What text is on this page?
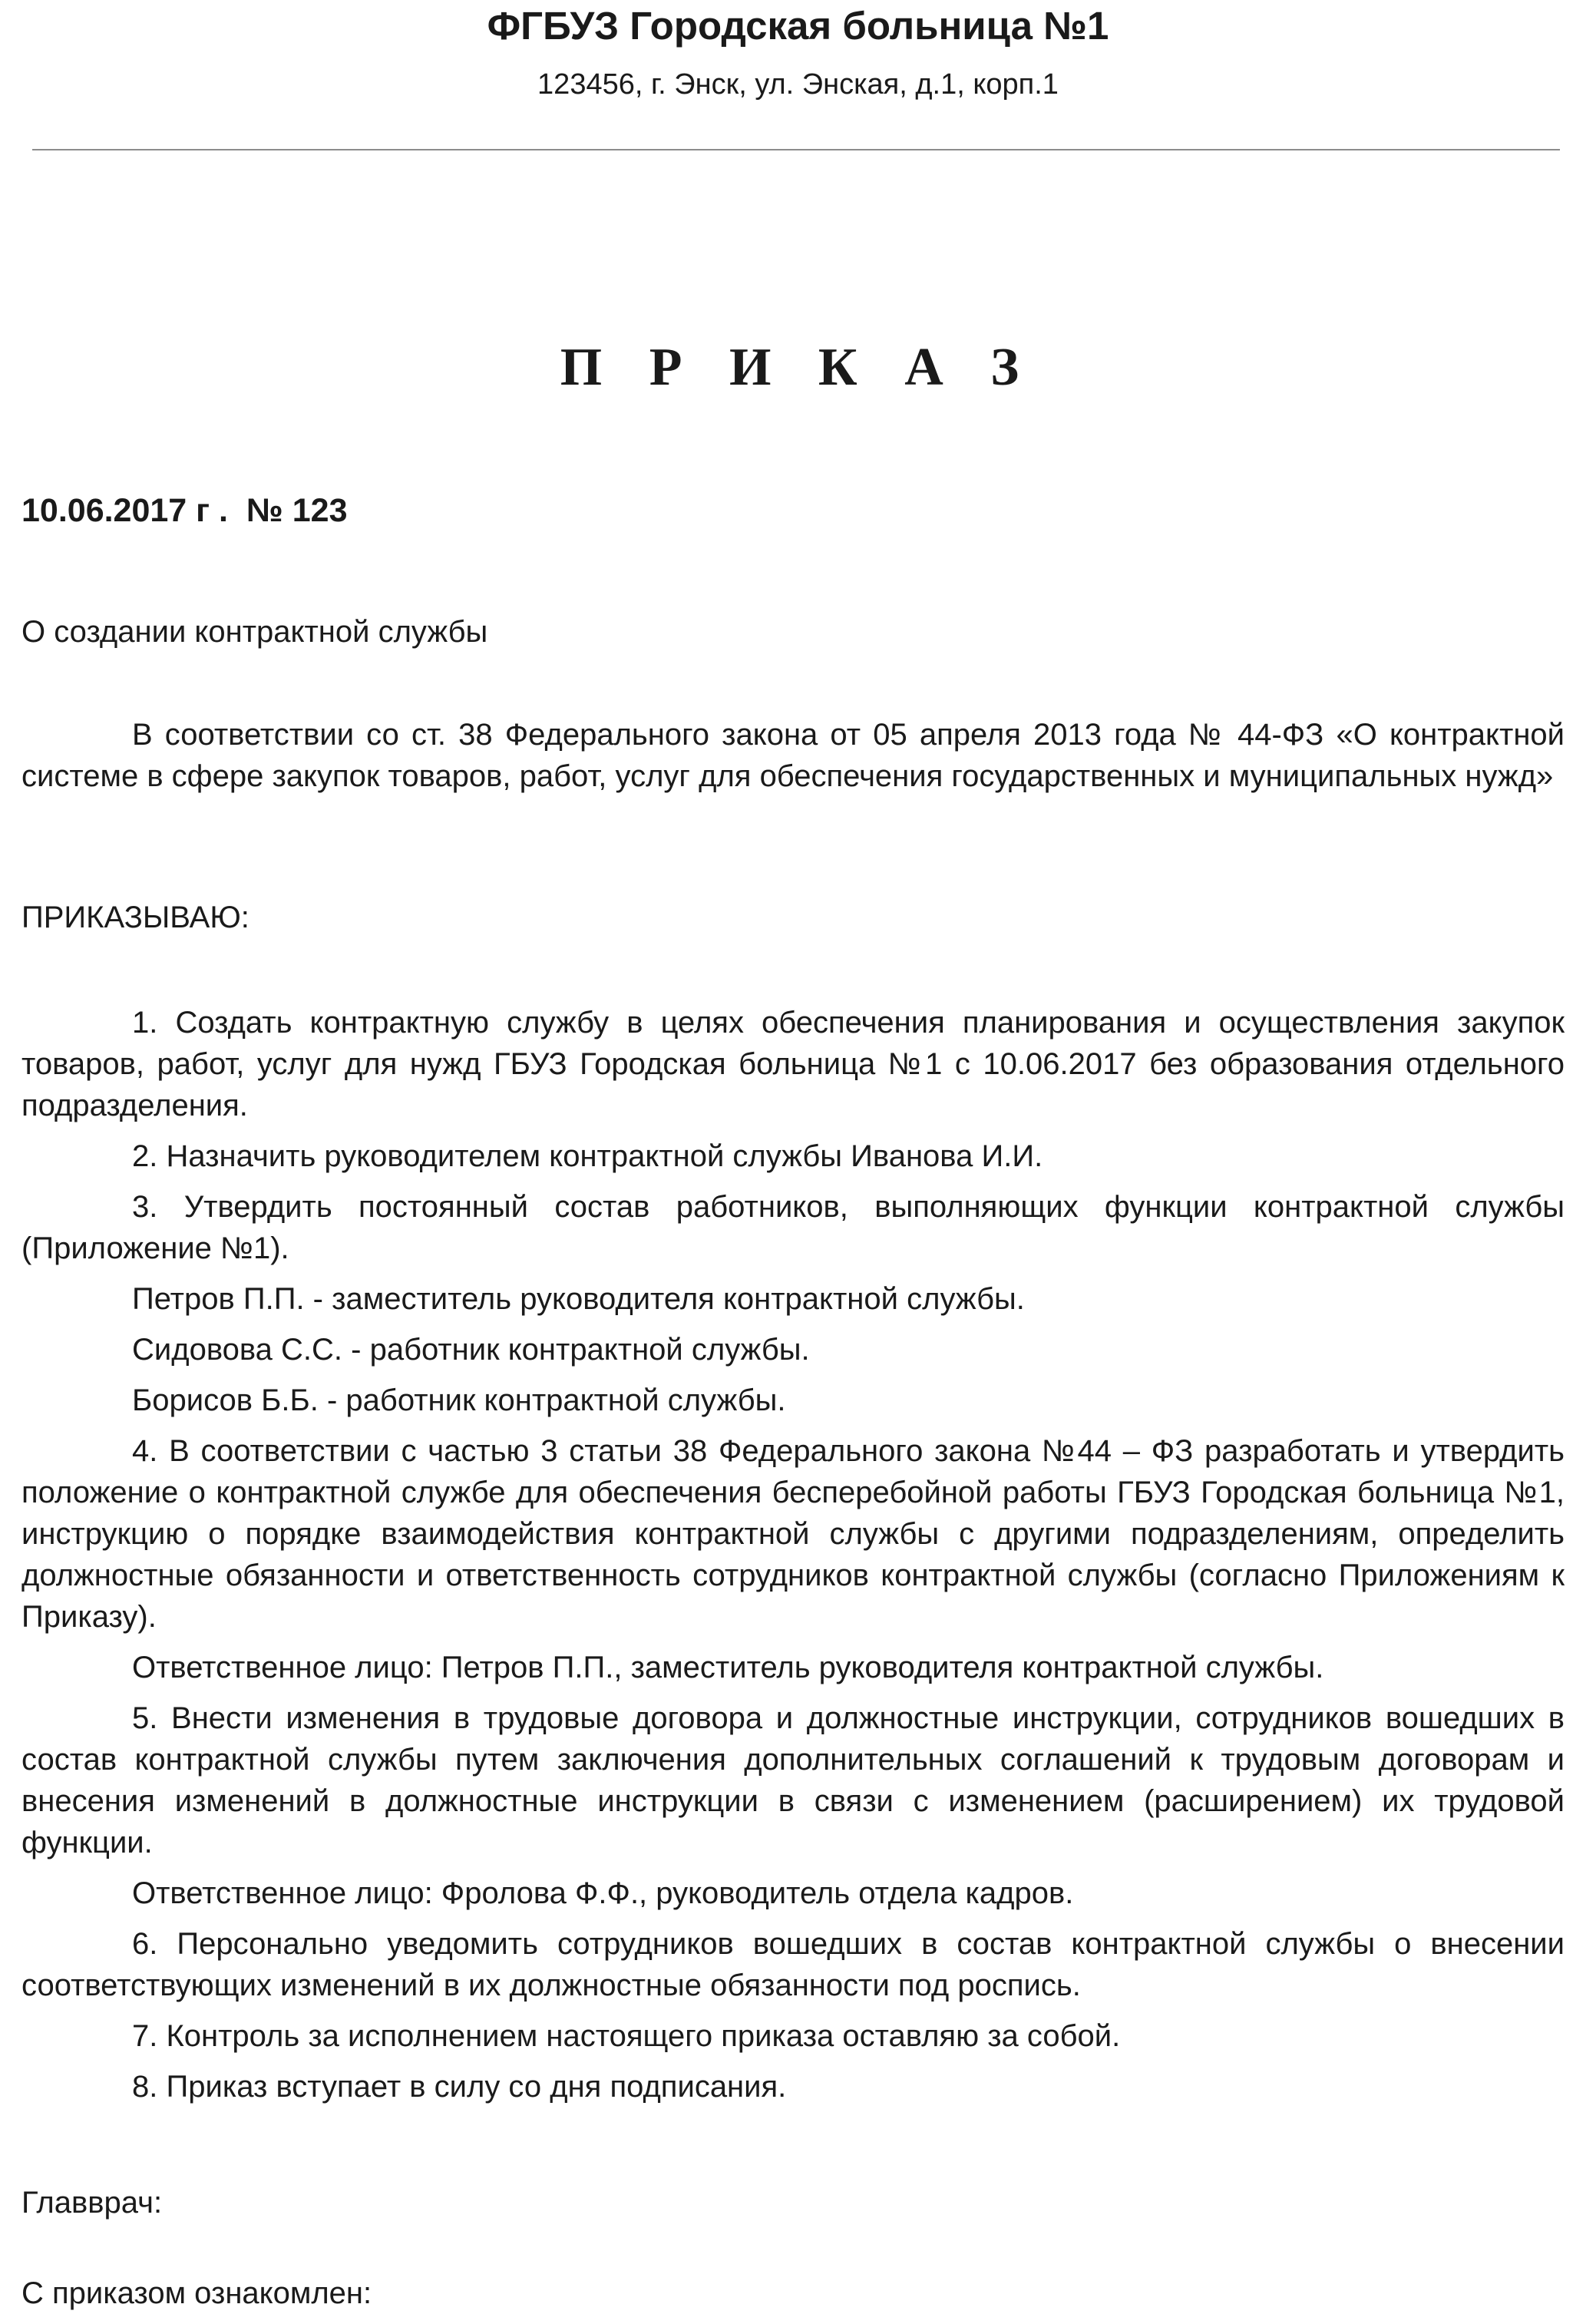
ФГБУЗ Городская больница №1
123456, г. Энск, ул. Энская, д.1, корп.1
П Р И К А З
10.06.2017 г . № 123
О создании контрактной службы

В соответствии со ст. 38 Федерального закона от 05 апреля 2013 года № 44-ФЗ «О контрактной системе в сфере закупок товаров, работ, услуг для обеспечения государственных и муниципальных нужд»

ПРИКАЗЫВАЮ:

1. Создать контрактную службу в целях обеспечения планирования и осуществления закупок товаров, работ, услуг для нужд ГБУЗ Городская больница №1 с 10.06.2017 без образования отдельного подразделения.

2. Назначить руководителем контрактной службы Иванова И.И.

3. Утвердить постоянный состав работников, выполняющих функции контрактной службы (Приложение №1).

Петров П.П. - заместитель руководителя контрактной службы.

Сидовова С.С. - работник контрактной службы.

Борисов Б.Б. - работник контрактной службы.

4. В соответствии с частью 3 статьи 38 Федерального закона №44 – ФЗ разработать и утвердить положение о контрактной службе для обеспечения бесперебойной работы ГБУЗ Городская больница №1, инструкцию о порядке взаимодействия контрактной службы с другими подразделениям, определить должностные обязанности и ответственность сотрудников контрактной службы (согласно Приложениям к Приказу).

Ответственное лицо: Петров П.П., заместитель руководителя контрактной службы.

5. Внести изменения в трудовые договора и должностные инструкции, сотрудников вошедших в состав контрактной службы путем заключения дополнительных соглашений к трудовым договорам и внесения изменений в должностные инструкции в связи с изменением (расширением) их трудовой функции.

Ответственное лицо: Фролова Ф.Ф., руководитель отдела кадров.

6. Персонально уведомить сотрудников вошедших в состав контрактной службы о внесении соответствующих изменений в их должностные обязанности под роспись.

7. Контроль за исполнением настоящего приказа оставляю за собой.

8. Приказ вступает в силу со дня подписания.

Главврач:
С приказом ознакомлен:
